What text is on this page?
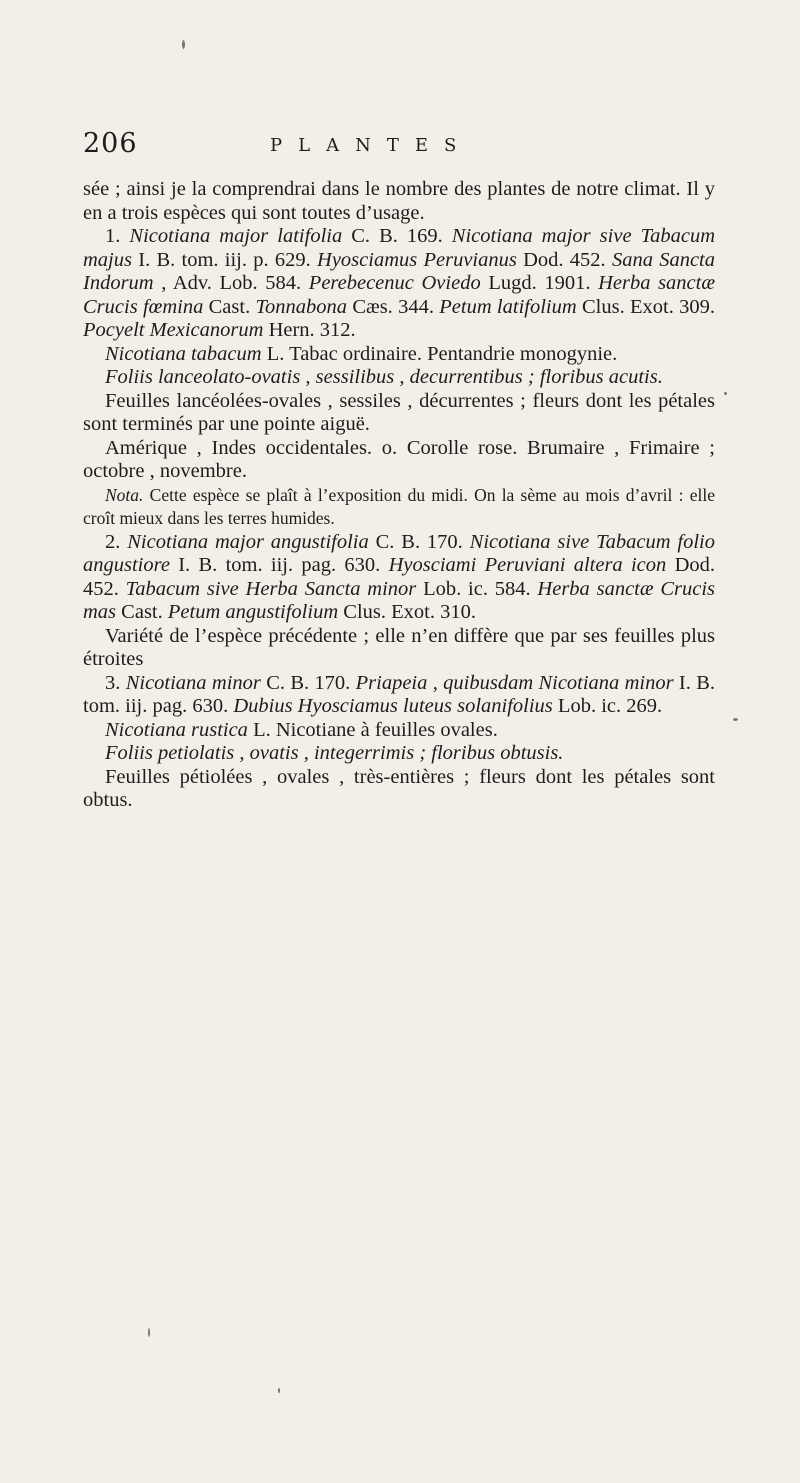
206	PLANTES

sée ; ainsi je la comprendrai dans le nombre des plantes de notre climat. Il y en a trois espèces qui sont toutes d’usage.

1. Nicotiana major latifolia C. B. 169. Nicotiana major sive Tabacum majus I. B. tom. iij. p. 629. Hyosciamus Peruvianus Dod. 452. Sana Sancta Indorum , Adv. Lob. 584. Perebecenuc Oviedo Lugd. 1901. Herba sanctæ Crucis fœmina Cast. Tonnabona Cæs. 344. Petum latifolium Clus. Exot. 309. Pocyelt Mexicanorum Hern. 312.

Nicotiana tabacum L. Tabac ordinaire. Pentandrie monogynie.

Foliis lanceolato-ovatis , sessilibus , decurrentibus ; floribus acutis.

Feuilles lancéolées-ovales , sessiles , décurrentes ; fleurs dont les pétales sont terminés par une pointe aiguë.

Amérique , Indes occidentales. o. Corolle rose. Brumaire , Frimaire ; octobre , novembre.

Nota. Cette espèce se plaît à l’exposition du midi. On la sème au mois d’avril : elle croît mieux dans les terres humides.

2. Nicotiana major angustifolia C. B. 170. Nicotiana sive Tabacum folio angustiore I. B. tom. iij. pag. 630. Hyosciami Peruviani altera icon Dod. 452. Tabacum sive Herba Sancta minor Lob. ic. 584. Herba sanctæ Crucis mas Cast. Petum angustifolium Clus. Exot. 310.

Variété de l’espèce précédente ; elle n’en diffère que par ses feuilles plus étroites

3. Nicotiana minor C. B. 170. Priapeia , quibusdam Nicotiana minor I. B. tom. iij. pag. 630. Dubius Hyosciamus luteus solanifolius Lob. ic. 269.

Nicotiana rustica L. Nicotiane à feuilles ovales.

Foliis petiolatis , ovatis , integerrimis ; floribus obtusis.

Feuilles pétiolées , ovales , très-entières ; fleurs dont les pétales sont obtus.
